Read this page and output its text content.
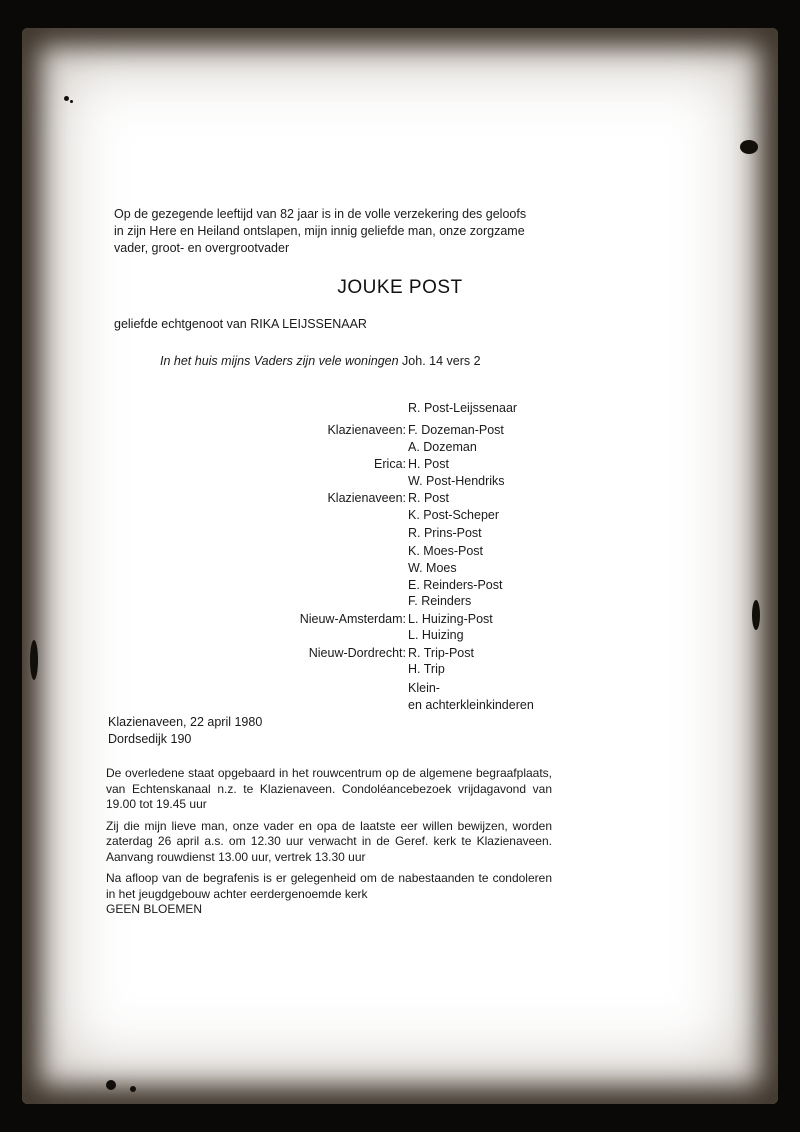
Op de gezegende leeftijd van 82 jaar is in de volle verzekering des geloofs
in zijn Here en Heiland ontslapen, mijn innig geliefde man, onze zorgzame
vader, groot- en overgrootvader
JOUKE POST
geliefde echtgenoot van RIKA LEIJSSENAAR
In het huis mijns Vaders zijn vele woningen Joh. 14 vers 2
R. Post-Leijssenaar
Klazienaveen: F. Dozeman-Post
A. Dozeman
Erica: H. Post
W. Post-Hendriks
Klazienaveen: R. Post
K. Post-Scheper
R. Prins-Post
K. Moes-Post
W. Moes
E. Reinders-Post
F. Reinders
Nieuw-Amsterdam: L. Huizing-Post
L. Huizing
Nieuw-Dordrecht: R. Trip-Post
H. Trip
Klein-
en achterkleinkinderen
Klazienaveen, 22 april 1980
Dordsedijk 190

De overledene staat opgebaard in het rouwcentrum op de algemene begraafplaats, van Echtenskanaal n.z. te Klazienaveen. Condoléancebezoek vrijdagavond van 19.00 tot 19.45 uur

Zij die mijn lieve man, onze vader en opa de laatste eer willen bewijzen, worden zaterdag 26 april a.s. om 12.30 uur verwacht in de Geref. kerk te Klazienaveen. Aanvang rouwdienst 13.00 uur, vertrek 13.30 uur

Na afloop van de begrafenis is er gelegenheid om de nabestaanden te condoleren in het jeugdgebouw achter eerdergenoemde kerk

GEEN BLOEMEN
